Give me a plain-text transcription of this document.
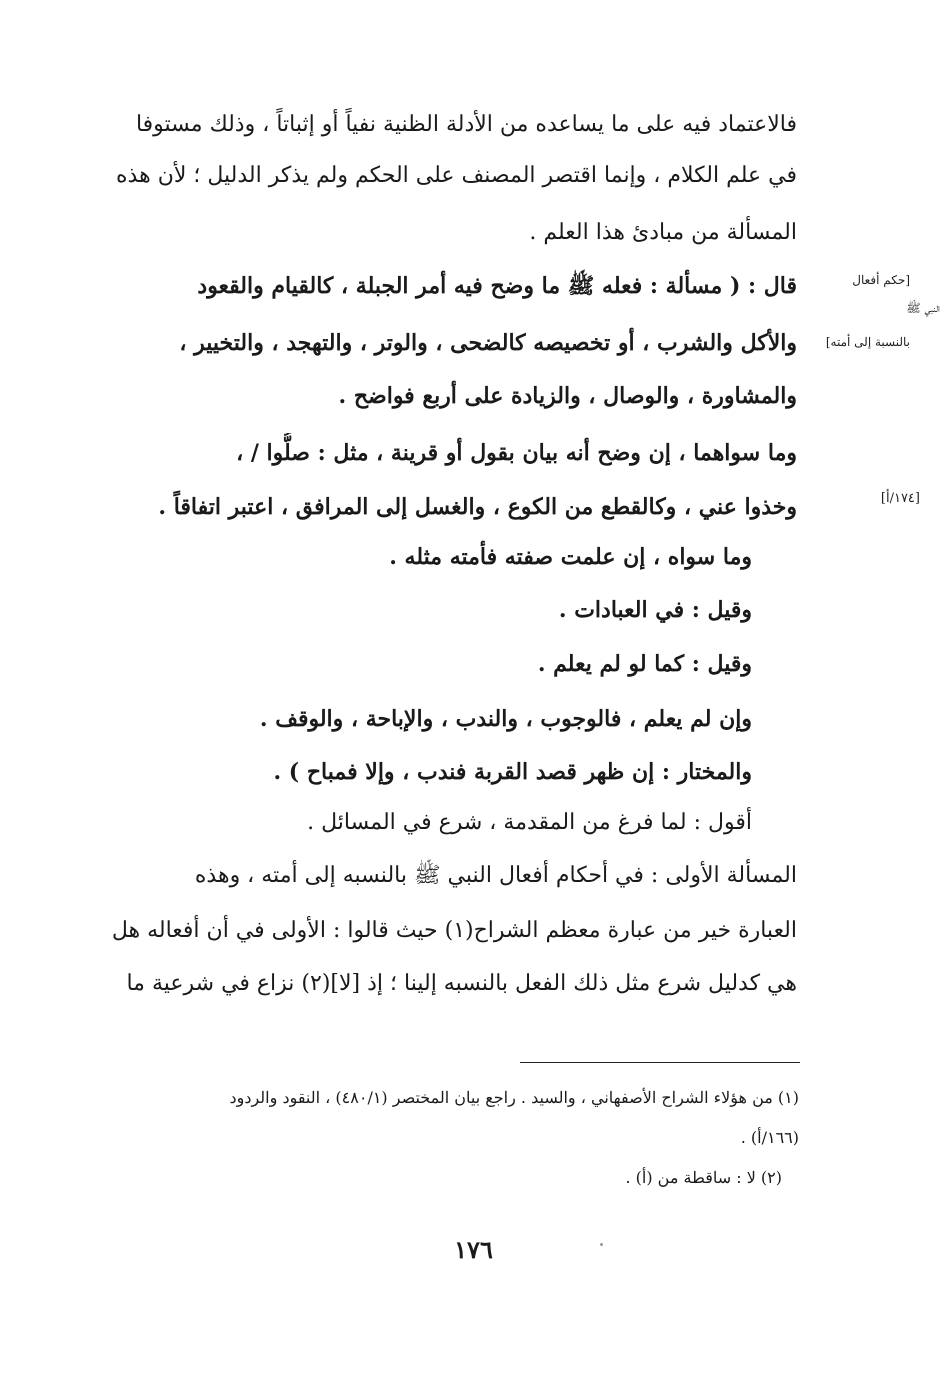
فالاعتماد فيه على ما يساعده من الأدلة الظنية نفياً أو إثباتاً ، وذلك مستوفا
في علم الكلام ، وإنما اقتصر المصنف على الحكم ولم يذكر الدليل ؛ لأن هذه
المسألة من مبادئ هذا العلم .
قال : ( مسألة : فعله ﷺ ما وضح فيه أمر الجبلة ، كالقيام والقعود
والأكل والشرب ، أو تخصيصه كالضحى ، والوتر ، والتهجد ، والتخيير ،
والمشاورة ، والوصال ، والزيادة على أربع فواضح .
وما سواهما ، إن وضح أنه بيان بقول أو قرينة ، مثل : صلُّوا / ،
وخذوا عني ، وكالقطع من الكوع ، والغسل إلى المرافق ، اعتبر اتفاقاً .
وما سواه ، إن علمت صفته فأمته مثله .
وقيل : في العبادات .
وقيل : كما لو لم يعلم .
وإن لم يعلم ، فالوجوب ، والندب ، والإباحة ، والوقف .
والمختار : إن ظهر قصد القربة فندب ، وإلا فمباح ) .
أقول : لما فرغ من المقدمة ، شرع في المسائل .
المسألة الأولى : في أحكام أفعال النبي ﷺ بالنسبه إلى أمته ، وهذه
العبارة خير من عبارة معظم الشراح(١) حيث قالوا : الأولى في أن أفعاله هل
هي كدليل شرع مثل ذلك الفعل بالنسبه إلينا ؛ إذ [لا](٢) نزاع في شرعية ما
[حكم أفعال
النبي ﷺ
بالنسبة إلى أمته]
[١٧٤/أ]
(١) من هؤلاء الشراح الأصفهاني ، والسيد . راجع بيان المختصر (٤٨٠/١) ، النقود والردود
(١٦٦/أ) .
(٢) لا : ساقطة من (أ) .
١٧٦
